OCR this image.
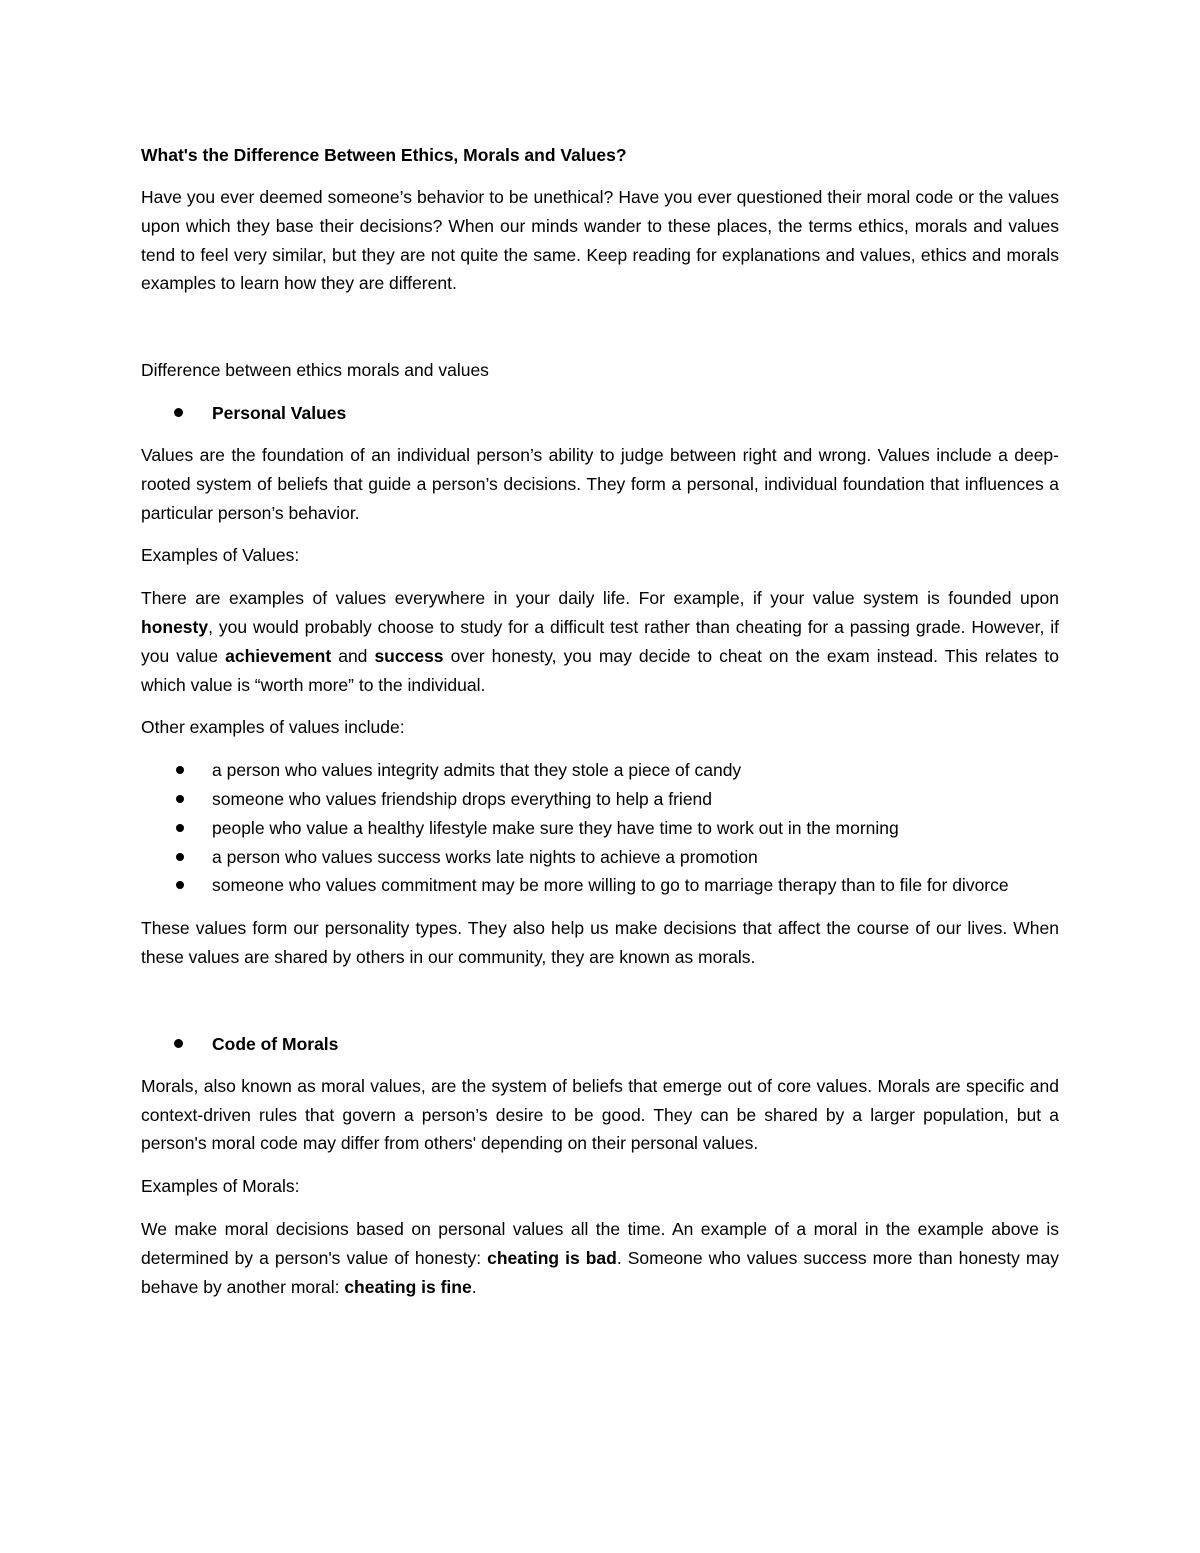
What's the Difference Between Ethics, Morals and Values?

Have you ever deemed someone’s behavior to be unethical? Have you ever questioned their moral code or the values upon which they base their decisions? When our minds wander to these places, the terms ethics, morals and values tend to feel very similar, but they are not quite the same. Keep reading for explanations and values, ethics and morals examples to learn how they are different.

Difference between ethics morals and values

Personal Values

Values are the foundation of an individual person’s ability to judge between right and wrong. Values include a deep-rooted system of beliefs that guide a person’s decisions. They form a personal, individual foundation that influences a particular person’s behavior.

Examples of Values:

There are examples of values everywhere in your daily life. For example, if your value system is founded upon honesty, you would probably choose to study for a difficult test rather than cheating for a passing grade. However, if you value achievement and success over honesty, you may decide to cheat on the exam instead. This relates to which value is “worth more” to the individual.

Other examples of values include:

a person who values integrity admits that they stole a piece of candy
someone who values friendship drops everything to help a friend
people who value a healthy lifestyle make sure they have time to work out in the morning
a person who values success works late nights to achieve a promotion
someone who values commitment may be more willing to go to marriage therapy than to file for divorce

These values form our personality types. They also help us make decisions that affect the course of our lives. When these values are shared by others in our community, they are known as morals.

Code of Morals

Morals, also known as moral values, are the system of beliefs that emerge out of core values. Morals are specific and context-driven rules that govern a person’s desire to be good. They can be shared by a larger population, but a person's moral code may differ from others' depending on their personal values.

Examples of Morals:

We make moral decisions based on personal values all the time. An example of a moral in the example above is determined by a person's value of honesty: cheating is bad. Someone who values success more than honesty may behave by another moral: cheating is fine.
